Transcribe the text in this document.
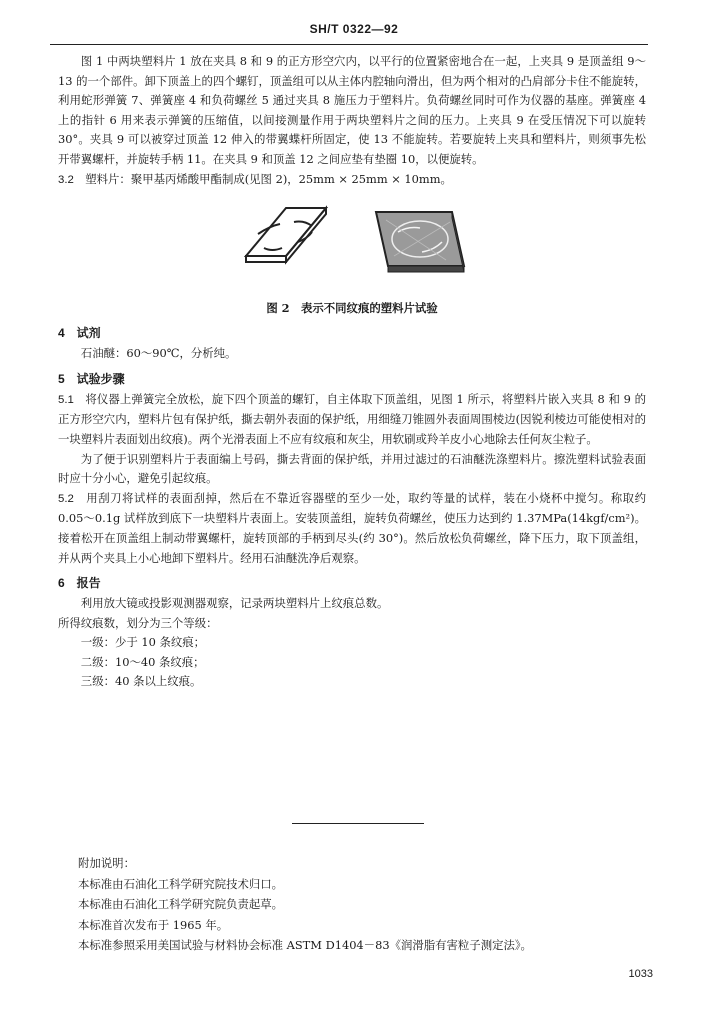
SH/T 0322—92

图 1 中两块塑料片 1 放在夹具 8 和 9 的正方形空穴内，以平行的位置紧密地合在一起，上夹具 9 是顶盖组 9～13 的一个部件。卸下顶盖上的四个螺钉，顶盖组可以从主体内腔轴向滑出，但为两个相对的凸肩部分卡住不能旋转，利用蛇形弹簧 7、弹簧座 4 和负荷螺丝 5 通过夹具 8 施压力于塑料片。负荷螺丝同时可作为仪器的基座。弹簧座 4 上的指针 6 用来表示弹簧的压缩值，以间接测量作用于两块塑料片之间的压力。上夹具 9 在受压情况下可以旋转 30°。夹具 9 可以被穿过顶盖 12 伸入的带翼蝶杆所固定，使 13 不能旋转。若要旋转上夹具和塑料片，则须事先松开带翼螺杆，并旋转手柄 11。在夹具 9 和顶盖 12 之间应垫有垫圈 10，以便旋转。

3.2　 塑料片：聚甲基丙烯酸甲酯制成(见图 2)，25mm × 25mm × 10mm。

图 2　表示不同纹痕的塑料片试验
4　试剂

石油醚：60～90℃，分析纯。

5　试验步骤

5.1　 将仪器上弹簧完全放松，旋下四个顶盖的螺钉，自主体取下顶盖组，见图 1 所示，将塑料片嵌入夹具 8 和 9 的正方形空穴内，塑料片包有保护纸，撕去朝外表面的保护纸，用细缝刀锥圆外表面周围棱边(因锐利棱边可能使相对的一块塑料片表面划出纹痕)。两个光滑表面上不应有纹痕和灰尘，用软刷或羚羊皮小心地除去任何灰尘粒子。

为了便于识别塑料片于表面编上号码，撕去背面的保护纸，并用过滤过的石油醚洗涤塑料片。擦洗塑料试验表面时应十分小心，避免引起纹痕。

5.2　 用刮刀将试样的表面刮掉，然后在不靠近容器壁的至少一处，取约等量的试样，装在小烧杯中搅匀。称取约 0.05～0.1g 试样放到底下一块塑料片表面上。安装顶盖组，旋转负荷螺丝，使压力达到约 1.37MPa(14kgf/cm²)。接着松开在顶盖组上制动带翼螺杆，旋转顶部的手柄到尽头(约 30°)。然后放松负荷螺丝，降下压力，取下顶盖组，并从两个夹具上小心地卸下塑料片。经用石油醚洗净后观察。

6　报告

利用放大镜或投影观测器观察，记录两块塑料片上纹痕总数。

所得纹痕数，划分为三个等级：

一级：少于 10 条纹痕；

二级：10～40 条纹痕；

三级：40 条以上纹痕。

附加说明：

本标准由石油化工科学研究院技术归口。

本标准由石油化工科学研究院负责起草。

本标准首次发布于 1965 年。

本标准参照采用美国试验与材料协会标准 ASTM D1404－83《润滑脂有害粒子测定法》。

1033
